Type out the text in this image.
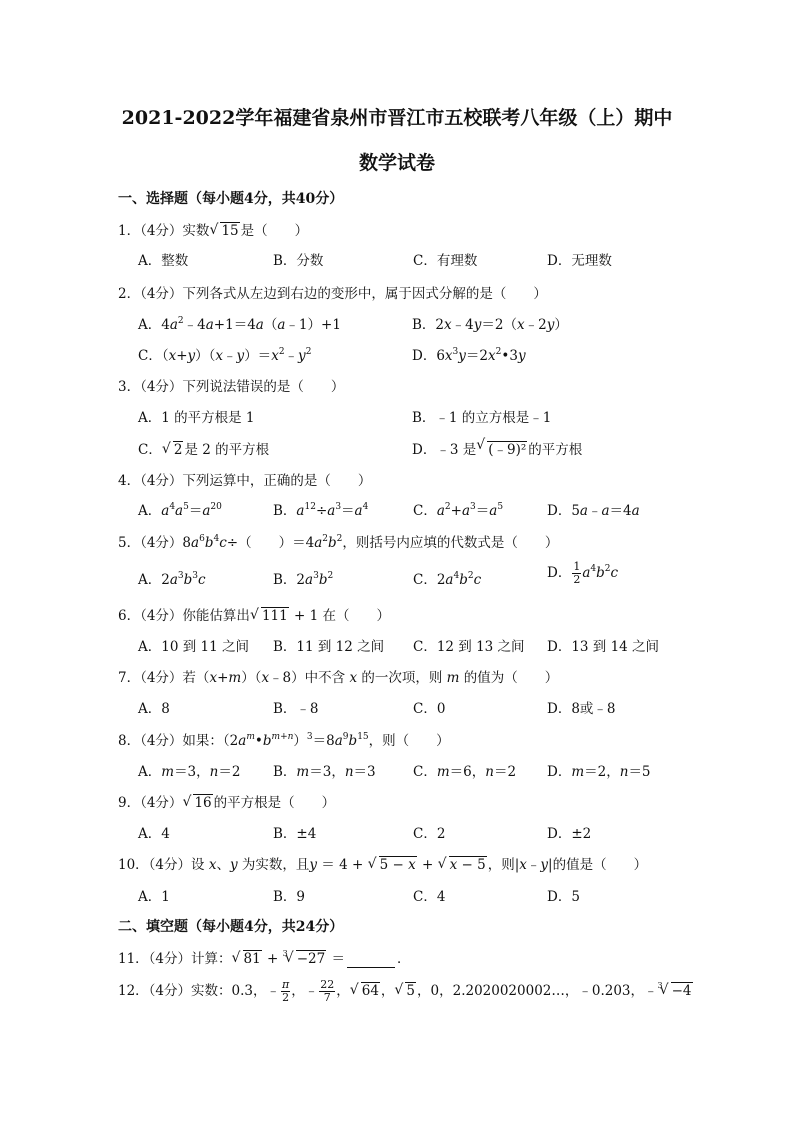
2021-2022学年福建省泉州市晋江市五校联考八年级（上）期中
数学试卷
一、选择题（每小题4分，共40分）
1．（4分）实数 √ 15 是（　　）
A．整数	B．分数	C．有理数	D．无理数
2．（4分）下列各式从左边到右边的变形中，属于因式分解的是（　　）
A．$4a^2﹣4a+1=4a(a﹣1)+1$	B．2x﹣4y＝2（x﹣2y）
C．$(x+y)(x﹣y)=x^2﹣y^2$	D．$6x^3y=2x^2•3y$
3．（4分）下列说法错误的是（　　）
A．1 的平方根是 1	B．﹣1 的立方根是﹣1
C． √ 2 是 2 的平方根	D．﹣3 是 √ (﹣9)² 的平方根
4．（4分）下列运算中，正确的是（　　）
A．$a^4a^5=a^{20}$	B．$a^{12}\div a^3=a^4$	C．$a^2+a^3=a^5$	D．5a﹣a＝4a
5．（4分）$8a^6b^4c\div$（　　）$=4a^2b^2$，则括号内应填的代数式是（　　）
A．$2a^3b^3c$	B．$2a^3b^2$	C．$2a^4b^2c$	D． $\frac{1}{2} a^4b^2c$
6．（4分）你能估算出 √ 111 + 1 在（　　）
A．10 到 11 之间 B．11 到 12 之间 C．12 到 13 之间 D．13 到 14 之间
7．（4分）若（x+m）（x﹣8）中不含 x 的一次项，则 m 的值为（　　）
A．8	B．﹣8	C．0	D．8或﹣8
8．（4分）如果：$(2a^m•b^{m+n})^3=8a^9b^{15}$，则（　　）
A．m＝3，n＝2 B．m＝3，n＝3	C．m＝6，n＝2 D．m＝2，n＝5
9．（4分） √ 16 的平方根是（　　）
A．4	B．±4	C．2	D．±2
10．（4分）设 x、y 为实数，且y ＝ 4 + √ 5 − x + √ x − 5 ，则|x﹣y|的值是（　　）
A．1	B．9	C．4	D．5
二、填空题（每小题4分，共24分）
11．（4分）计算： √ 81 + $^3$ √ −27 ＝	．
12．（4分）实数：0.3，﹣ $\frac{\pi}{2}$ ，﹣ $\frac{22}{7}$ ， √ 64 ， √ 5 ，0，2.2020020002…，﹣0.203，﹣$^3$ √ −4
